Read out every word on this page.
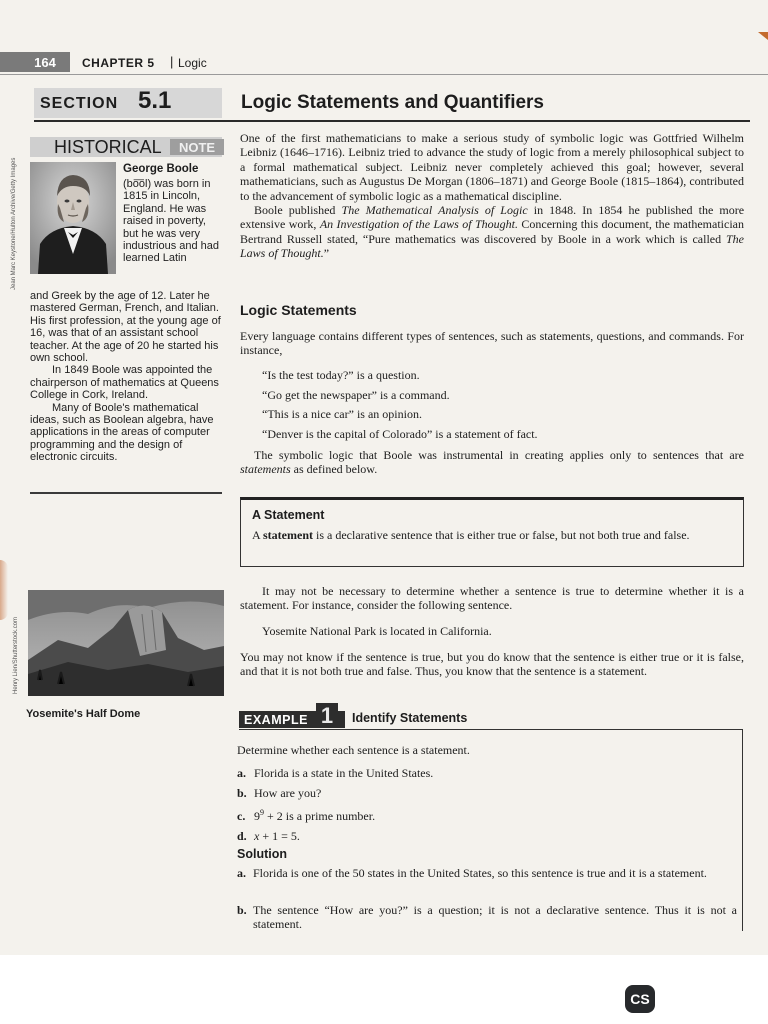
164 CHAPTER 5 | Logic
SECTION 5.1	Logic Statements and Quantifiers
HISTORICAL	NOTE
Jean Marc Keystone/Hulton Archive/Getty Images	George Boole
(bo͞ol) was born in 1815 in Lincoln, England. He was raised in poverty, but he was very industrious and had learned Latin

and Greek by the age of 12. Later he mastered German, French, and Italian. His first profession, at the young age of 16, was that of an assistant school teacher. At the age of 20 he started his own school.

In 1849 Boole was appointed the chairperson of mathematics at Queens College in Cork, Ireland.

Many of Boole's mathematical ideas, such as Boolean algebra, have applications in the areas of computer programming and the design of electronic circuits.

Henry Lien/Shutterstock.com
Yosemite's Half Dome

One of the first mathematicians to make a serious study of symbolic logic was Gottfried Wilhelm Leibniz (1646–1716). Leibniz tried to advance the study of logic from a merely philosophical subject to a formal mathematical subject. Leibniz never completely achieved this goal; however, several mathematicians, such as Augustus De Morgan (1806–1871) and George Boole (1815–1864), contributed to the advancement of symbolic logic as a mathematical discipline.

Boole published The Mathematical Analysis of Logic in 1848. In 1854 he published the more extensive work, An Investigation of the Laws of Thought. Concerning this document, the mathematician Bertrand Russell stated, “Pure mathematics was discovered by Boole in a work which is called The Laws of Thought.”

Logic Statements
Every language contains different types of sentences, such as statements, questions, and commands. For instance,
“Is the test today?” is a question.
“Go get the newspaper” is a command.
“This is a nice car” is an opinion.
“Denver is the capital of Colorado” is a statement of fact.
The symbolic logic that Boole was instrumental in creating applies only to sentences that are statements as defined below.
A Statement
A statement is a declarative sentence that is either true or false, but not both true and false.
It may not be necessary to determine whether a sentence is true to determine whether it is a statement. For instance, consider the following sentence.
Yosemite National Park is located in California.
You may not know if the sentence is true, but you do know that the sentence is either true or it is false, and that it is not both true and false. Thus, you know that the sentence is a statement.
EXAMPLE 1	Identify Statements
Determine whether each sentence is a statement.
a. Florida is a state in the United States.
b. How are you?
c. $9^9 + 2$ is a prime number.
d. x + 1 = 5.
Solution
a. Florida is one of the 50 states in the United States, so this sentence is true and it is a statement.
b. The sentence “How are you?” is a question; it is not a declarative sentence. Thus it is not a statement.
CS
